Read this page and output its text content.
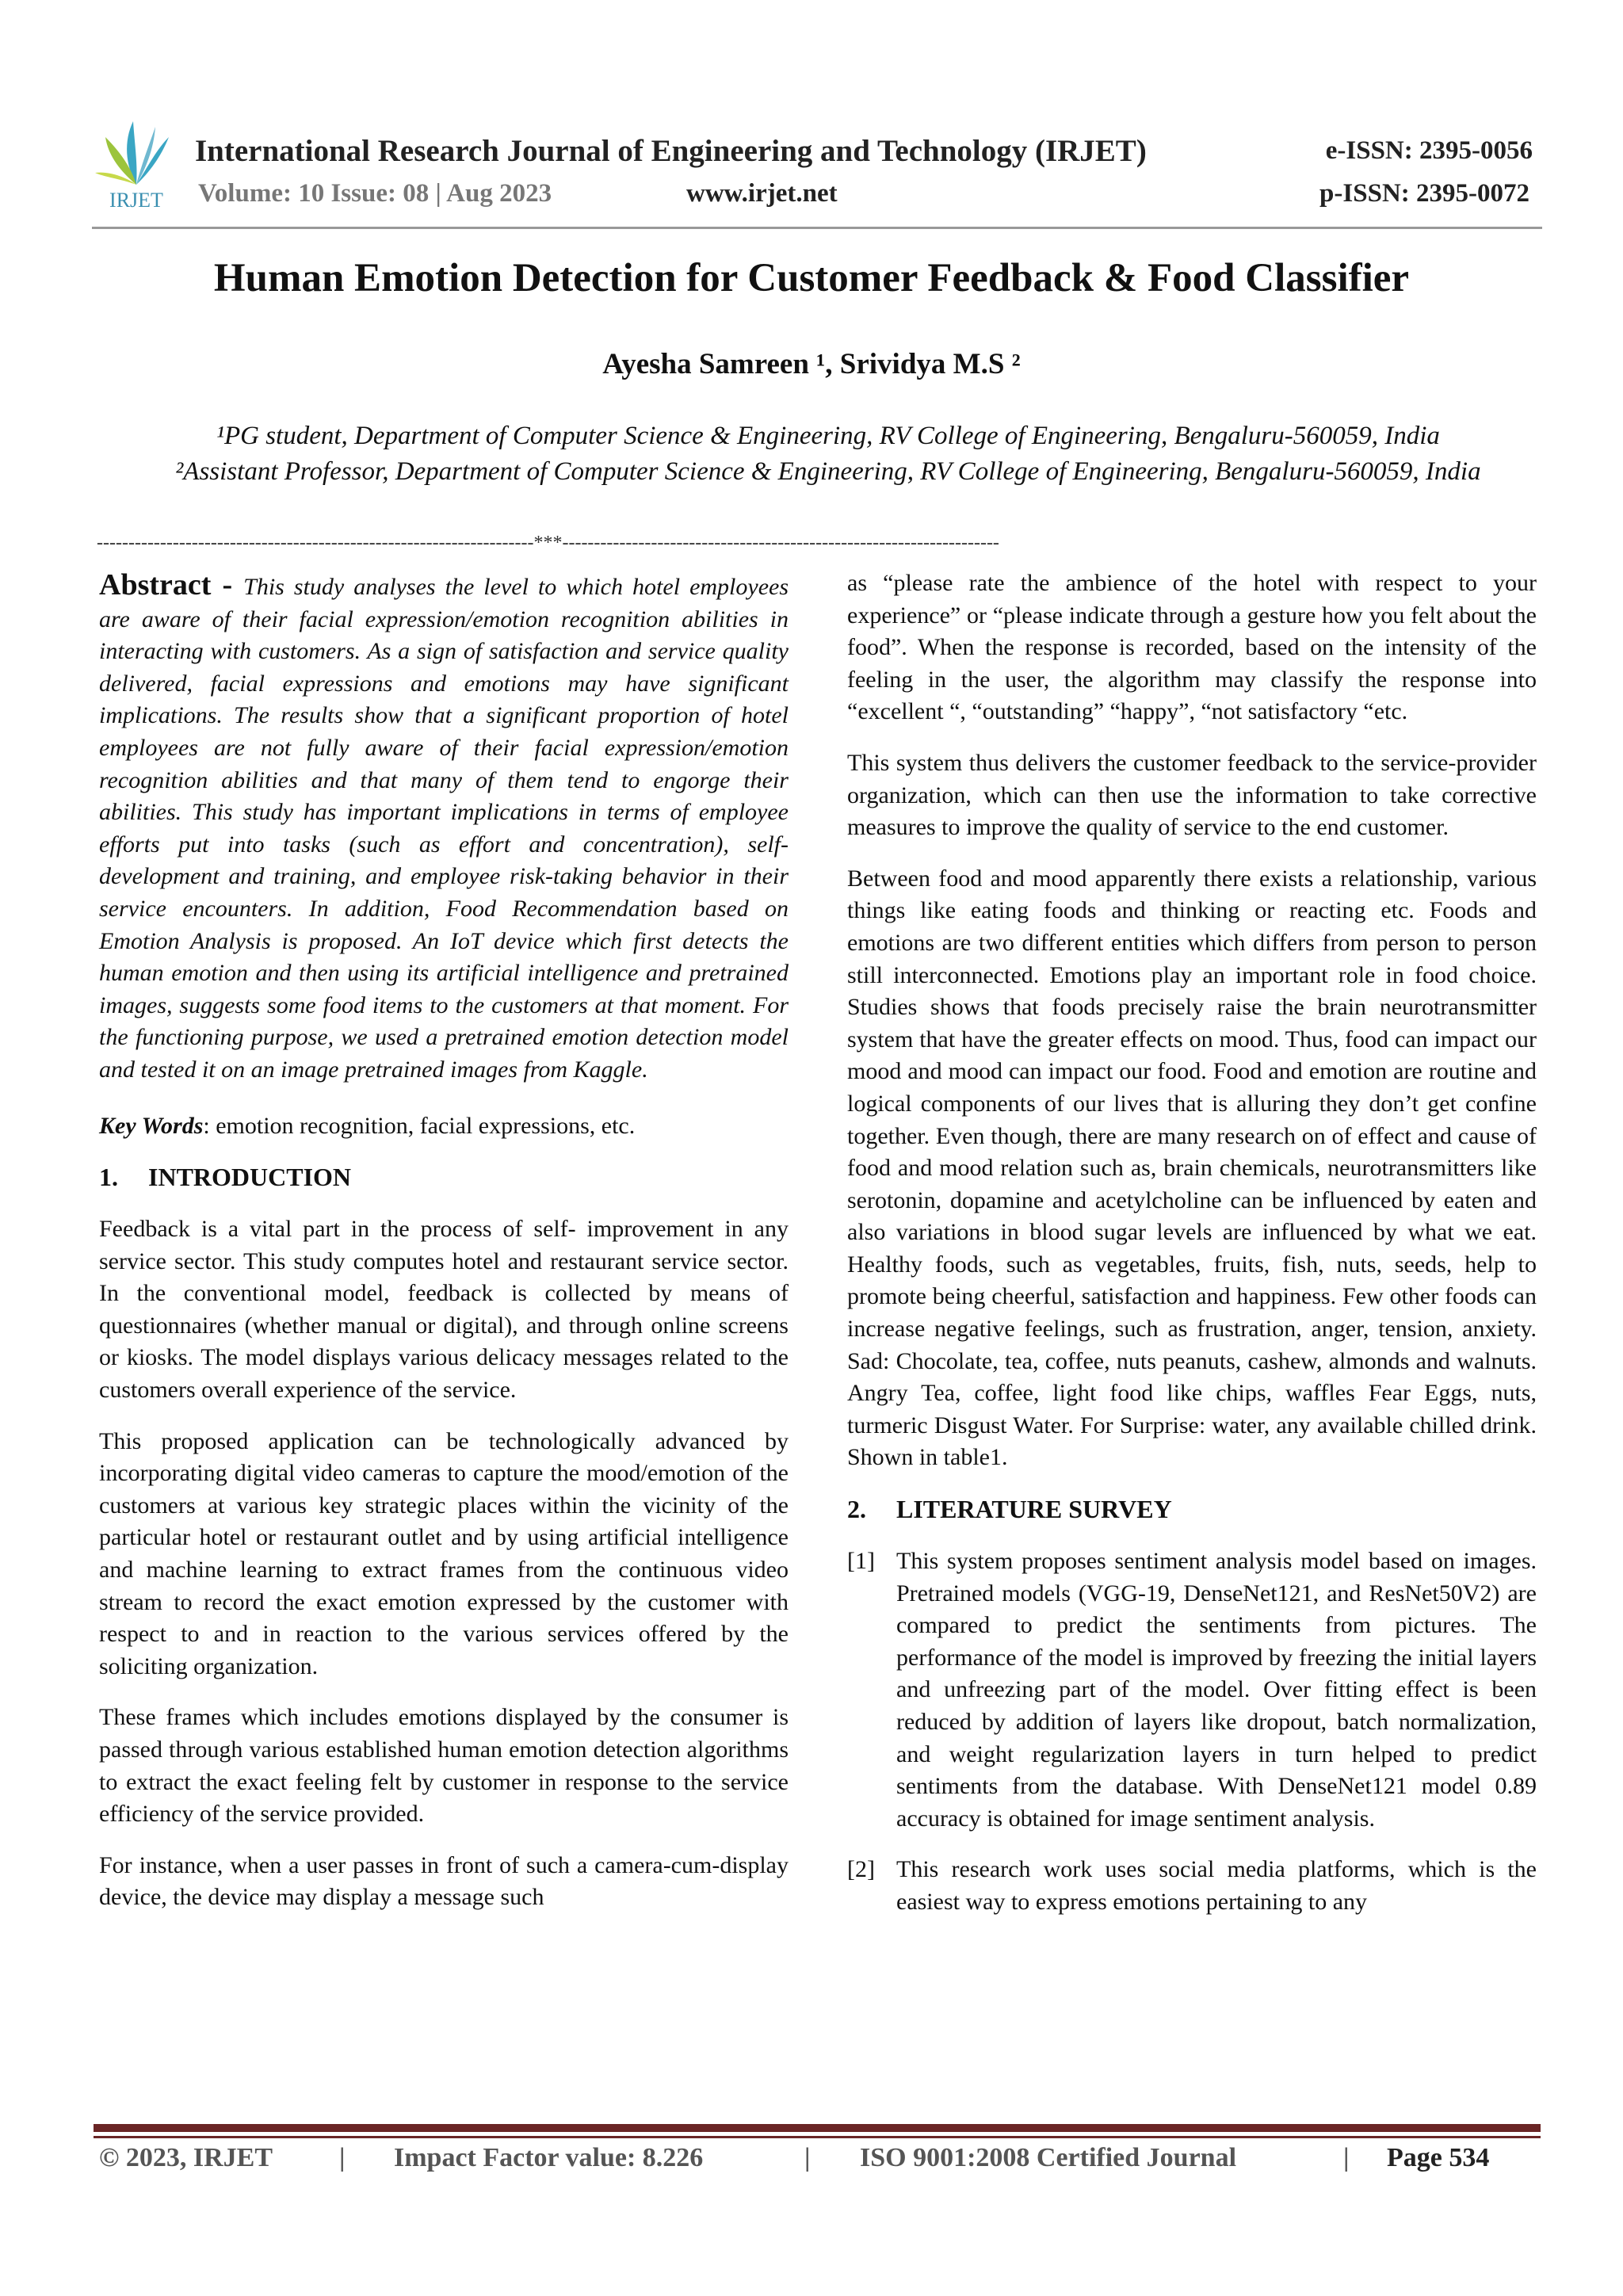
IRJET
International Research Journal of Engineering and Technology (IRJET)
Volume: 10 Issue: 08 | Aug 2023	www.irjet.net
e-ISSN: 2395-0056
p-ISSN: 2395-0072
Human Emotion Detection for Customer Feedback & Food Classifier
Ayesha Samreen ¹, Srividya M.S ²
¹PG student, Department of Computer Science & Engineering, RV College of Engineering, Bengaluru-560059, India
²Assistant Professor, Department of Computer Science & Engineering, RV College of Engineering, Bengaluru-560059, India
---------------------------------------------------------------------***---------------------------------------------------------------------

Abstract - This study analyses the level to which hotel employees are aware of their facial expression/emotion recognition abilities in interacting with customers. As a sign of satisfaction and service quality delivered, facial expressions and emotions may have significant implications. The results show that a significant proportion of hotel employees are not fully aware of their facial expression/emotion recognition abilities and that many of them tend to engorge their abilities. This study has important implications in terms of employee efforts put into tasks (such as effort and concentration), self-development and training, and employee risk-taking behavior in their service encounters. In addition, Food Recommendation based on Emotion Analysis is proposed. An IoT device which first detects the human emotion and then using its artificial intelligence and pretrained images, suggests some food items to the customers at that moment. For the functioning purpose, we used a pretrained emotion detection model and tested it on an image pretrained images from Kaggle.

Key Words: emotion recognition, facial expressions, etc.

1. INTRODUCTION

Feedback is a vital part in the process of self- improvement in any service sector. This study computes hotel and restaurant service sector. In the conventional model, feedback is collected by means of questionnaires (whether manual or digital), and through online screens or kiosks. The model displays various delicacy messages related to the customers overall experience of the service.

This proposed application can be technologically advanced by incorporating digital video cameras to capture the mood/emotion of the customers at various key strategic places within the vicinity of the particular hotel or restaurant outlet and by using artificial intelligence and machine learning to extract frames from the continuous video stream to record the exact emotion expressed by the customer with respect to and in reaction to the various services offered by the soliciting organization.

These frames which includes emotions displayed by the consumer is passed through various established human emotion detection algorithms to extract the exact feeling felt by customer in response to the service efficiency of the service provided.

For instance, when a user passes in front of such a camera-cum-display device, the device may display a message such

as “please rate the ambience of the hotel with respect to your experience” or “please indicate through a gesture how you felt about the food”. When the response is recorded, based on the intensity of the feeling in the user, the algorithm may classify the response into “excellent “, “outstanding” “happy”, “not satisfactory “etc.

This system thus delivers the customer feedback to the service-provider organization, which can then use the information to take corrective measures to improve the quality of service to the end customer.

Between food and mood apparently there exists a relationship, various things like eating foods and thinking or reacting etc. Foods and emotions are two different entities which differs from person to person still interconnected. Emotions play an important role in food choice. Studies shows that foods precisely raise the brain neurotransmitter system that have the greater effects on mood. Thus, food can impact our mood and mood can impact our food. Food and emotion are routine and logical components of our lives that is alluring they don’t get confine together. Even though, there are many research on of effect and cause of food and mood relation such as, brain chemicals, neurotransmitters like serotonin, dopamine and acetylcholine can be influenced by eaten and also variations in blood sugar levels are influenced by what we eat. Healthy foods, such as vegetables, fruits, fish, nuts, seeds, help to promote being cheerful, satisfaction and happiness. Few other foods can increase negative feelings, such as frustration, anger, tension, anxiety. Sad: Chocolate, tea, coffee, nuts peanuts, cashew, almonds and walnuts. Angry Tea, coffee, light food like chips, waffles Fear Eggs, nuts, turmeric Disgust Water. For Surprise: water, any available chilled drink. Shown in table1.

2. LITERATURE SURVEY
[1] This system proposes sentiment analysis model based on images. Pretrained models (VGG-19, DenseNet121, and ResNet50V2) are compared to predict the sentiments from pictures. The performance of the model is improved by freezing the initial layers and unfreezing part of the model. Over fitting effect is been reduced by addition of layers like dropout, batch normalization, and weight regularization layers in turn helped to predict sentiments from the database. With DenseNet121 model 0.89 accuracy is obtained for image sentiment analysis.
[2] This research work uses social media platforms, which is the easiest way to express emotions pertaining to any
© 2023, IRJET | Impact Factor value: 8.226	| ISO 9001:2008 Certified Journal	| Page 534
